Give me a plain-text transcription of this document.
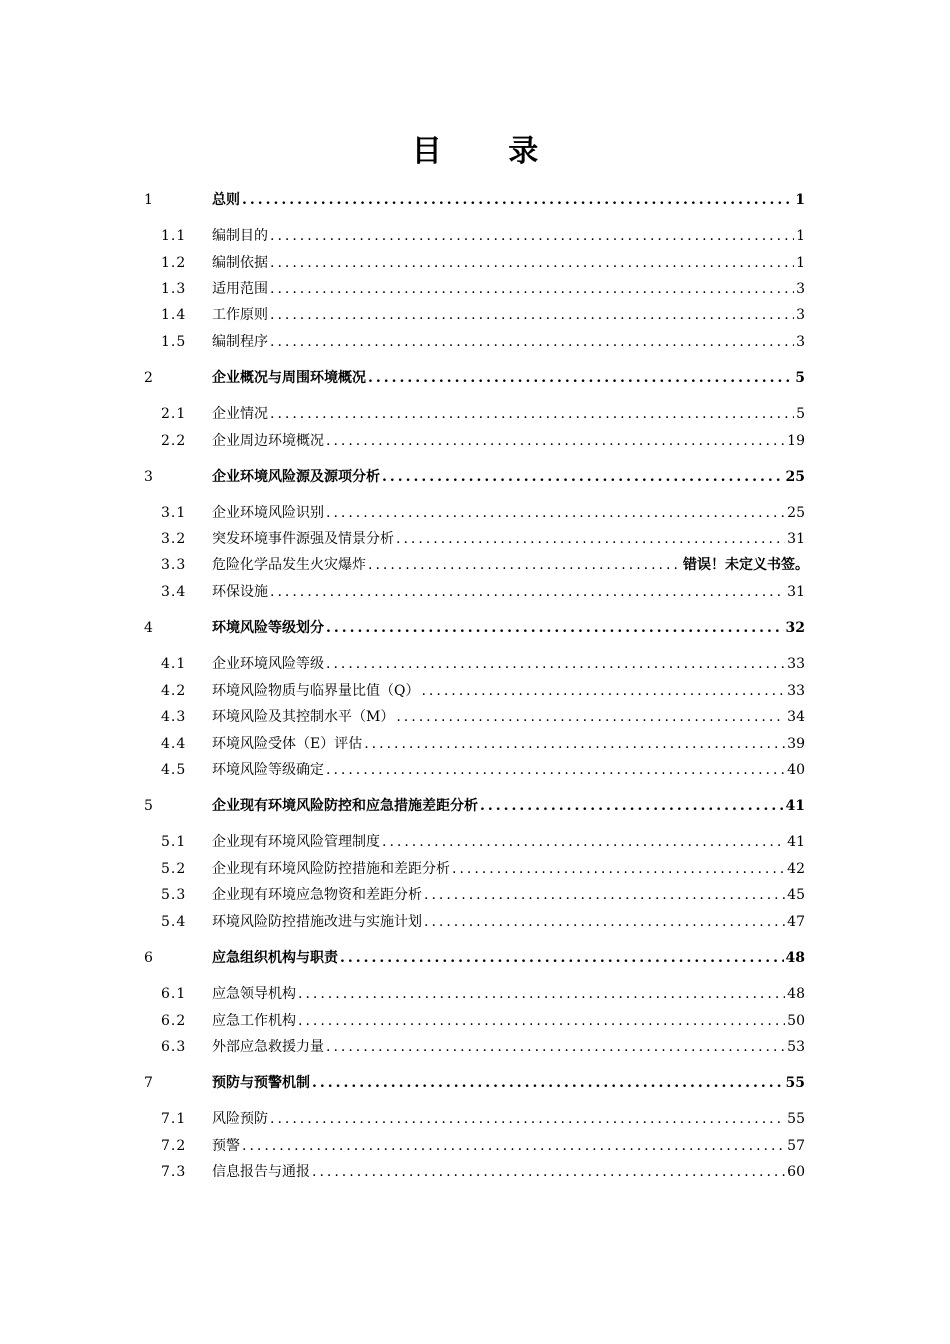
目 录
1	总则 .....	1
1.1 编制目的 .....	1
1.2 编制依据 .....	1
1.3 适用范围 .....	3
1.4 工作原则 .....	3
1.5 编制程序 .....	3
2	企业概况与周围环境概况 .....	5
2.1 企业情况 .....	5
2.2 企业周边环境概况 .....	19
3	企业环境风险源及源项分析 .....	25
3.1 企业环境风险识别 .....	25
3.2 突发环境事件源强及情景分析 .....	31
3.3 危险化学品发生火灾爆炸 .....	错误！未定义书签。
3.4 环保设施 .....	31
4	环境风险等级划分 .....	32
4.1 企业环境风险等级 .....	33
4.2 环境风险物质与临界量比值（Q） .....	33
4.3 环境风险及其控制水平（M） .....	34
4.4 环境风险受体（E）评估 .....	39
4.5 环境风险等级确定 .....	40
5	企业现有环境风险防控和应急措施差距分析 .....	41
5.1 企业现有环境风险管理制度 .....	41
5.2 企业现有环境风险防控措施和差距分析 .....	42
5.3 企业现有环境应急物资和差距分析 .....	45
5.4 环境风险防控措施改进与实施计划 .....	47
6	应急组织机构与职责 .....	48
6.1 应急领导机构 .....	48
6.2 应急工作机构 .....	50
6.3 外部应急救援力量 .....	53
7	预防与预警机制 .....	55
7.1 风险预防 .....	55
7.2 预警 .....	57
7.3 信息报告与通报 .....	60
